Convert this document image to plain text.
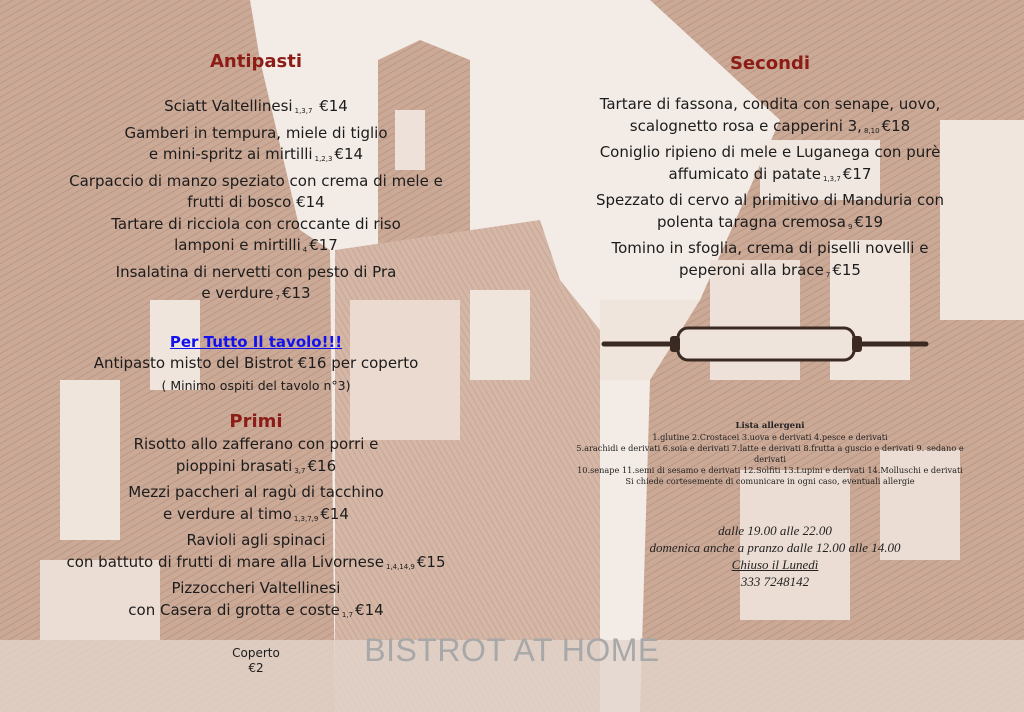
Antipasti
Sciatt Valtellinesi $_{1,3,7}$ €14
Gamberi in tempura, miele di tiglio
e mini-spritz ai mirtilli $_{1,2,3}$ €14
Carpaccio di manzo speziato con crema di mele e
frutti di bosco €14
Tartare di ricciola con croccante di riso
lamponi e mirtilli $_4$ €17
Insalatina di nervetti con pesto di Pra
e verdure $_7$ €13
Per Tutto Il tavolo!!!
Antipasto misto del Bistrot €16 per coperto
( Minimo ospiti del tavolo n°3)
Primi
Risotto allo zafferano con porri e
pioppini brasati $_{3,7}$ €16
Mezzi paccheri al ragù di tacchino
e verdure al timo $_{1,3,7,9}$ €14
Ravioli agli spinaci
con battuto di frutti di mare alla Livornese $_{1,4,14,9}$ €15
Pizzoccheri Valtellinesi
con Casera di grotta e coste $_{1,7}$ €14
Coperto
€2
Secondi
Tartare di fassona, condita con senape, uovo,
scalognetto rosa e capperini 3, $_{8,10}$ €18
Coniglio ripieno di mele e Luganega con purè
affumicato di patate $_{1,3,7}$ €17
Spezzato di cervo al primitivo di Manduria con
polenta taragna cremosa $_9$ €19
Tomino in sfoglia, crema di piselli novelli e
peperoni alla brace $_7$ €15
Lista allergeni
1.glutine 2.Crostacei 3.uova e derivati 4.pesce e derivati
5.arachidi e derivati 6.soia e derivati 7.latte e derivati 8.frutta a guscio e derivati 9. sedano e derivati
10.senape 11.semi di sesamo e derivati 12.Solfiti 13.Lupini e derivati 14.Molluschi e derivati
Si chiede cortesemente di comunicare in ogni caso, eventuali allergie
dalle 19.00 alle 22.00
domenica anche a pranzo dalle 12.00 alle 14.00
Chiuso il Lunedì
333 7248142
BISTROT AT HOME
